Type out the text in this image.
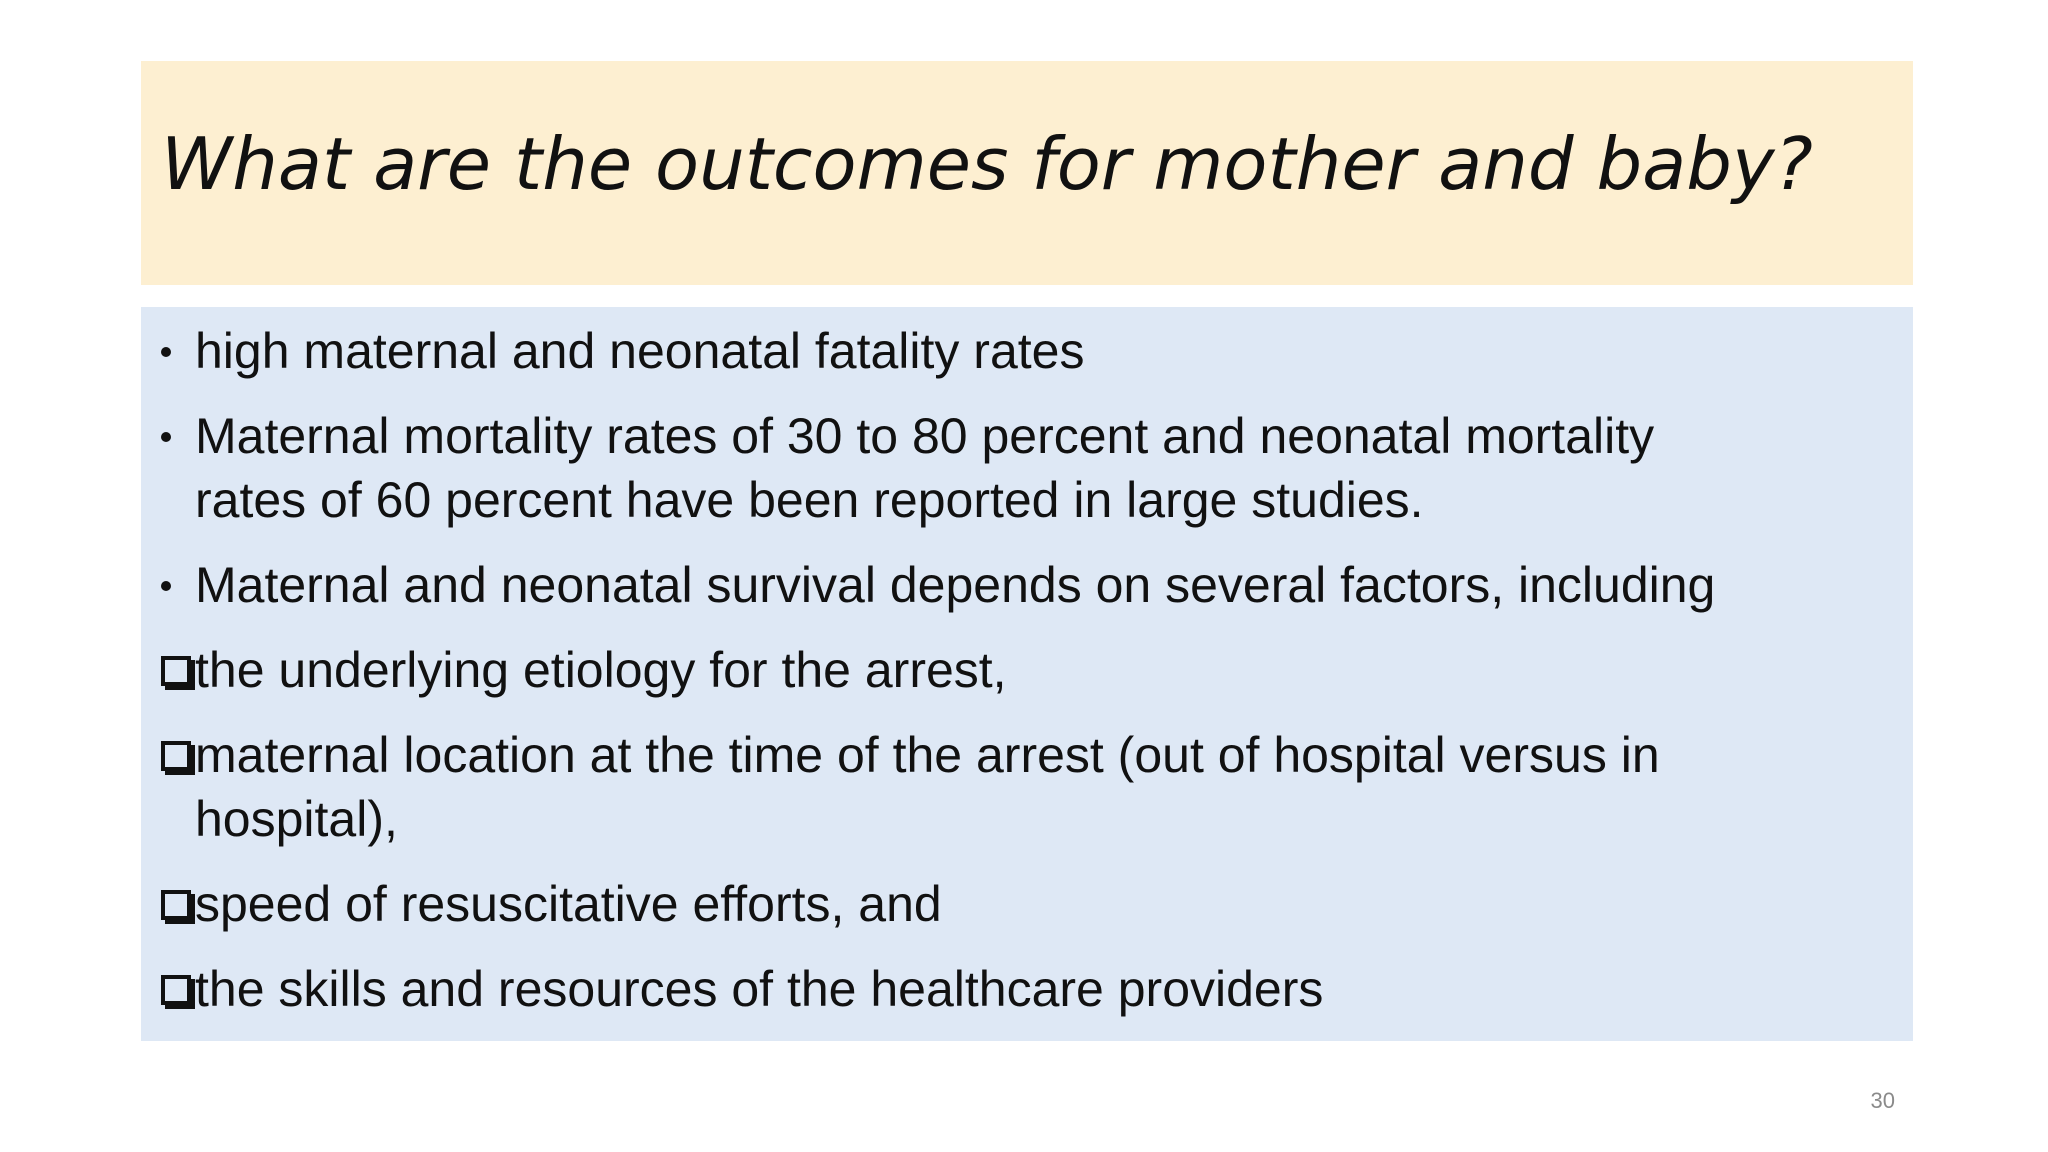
What are the outcomes for mother and baby?
high maternal and neonatal fatality rates
Maternal mortality rates of 30 to 80 percent and neonatal mortality
rates of 60 percent have been reported in large studies.
Maternal and neonatal survival depends on several factors, including
the underlying etiology for the arrest,
maternal location at the time of the arrest (out of hospital versus in
hospital),
speed of resuscitative efforts, and
the skills and resources of the healthcare providers
30
